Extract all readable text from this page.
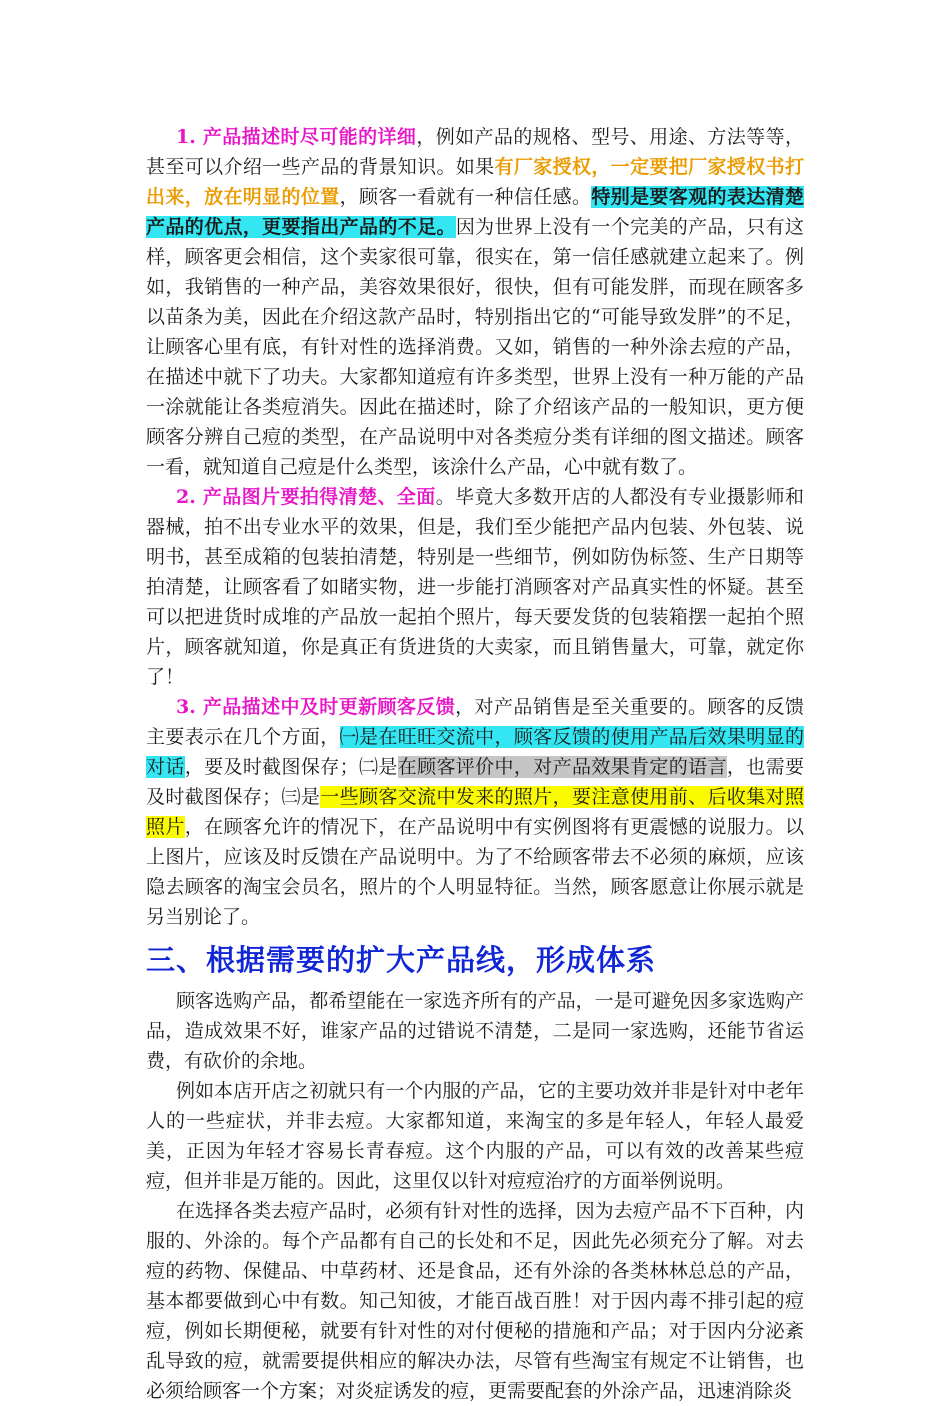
1. 产品描述时尽可能的详细，例如产品的规格、型号、用途、方法等等，甚至可以介绍一些产品的背景知识。如果有厂家授权，一定要把厂家授权书打出来，放在明显的位置，顾客一看就有一种信任感。特别是要客观的表达清楚产品的优点，更要指出产品的不足。因为世界上没有一个完美的产品，只有这样，顾客更会相信，这个卖家很可靠，很实在，第一信任感就建立起来了。例如，我销售的一种产品，美容效果很好，很快，但有可能发胖，而现在顾客多以苗条为美，因此在介绍这款产品时，特别指出它的“可能导致发胖”的不足，让顾客心里有底，有针对性的选择消费。又如，销售的一种外涂去痘的产品，在描述中就下了功夫。大家都知道痘有许多类型，世界上没有一种万能的产品一涂就能让各类痘消失。因此在描述时，除了介绍该产品的一般知识，更方便顾客分辨自己痘的类型，在产品说明中对各类痘分类有详细的图文描述。顾客一看，就知道自己痘是什么类型，该涂什么产品，心中就有数了。

2. 产品图片要拍得清楚、全面。毕竟大多数开店的人都没有专业摄影师和器械，拍不出专业水平的效果，但是，我们至少能把产品内包装、外包装、说明书，甚至成箱的包装拍清楚，特别是一些细节，例如防伪标签、生产日期等拍清楚，让顾客看了如睹实物，进一步能打消顾客对产品真实性的怀疑。甚至可以把进货时成堆的产品放一起拍个照片，每天要发货的包装箱摆一起拍个照片，顾客就知道，你是真正有货进货的大卖家，而且销售量大，可靠，就定你了！

3. 产品描述中及时更新顾客反馈，对产品销售是至关重要的。顾客的反馈主要表示在几个方面，㈠是在旺旺交流中，顾客反馈的使用产品后效果明显的对话，要及时截图保存；㈡是在顾客评价中，对产品效果肯定的语言，也需要及时截图保存；㈢是一些顾客交流中发来的照片，要注意使用前、后收集对照照片，在顾客允许的情况下，在产品说明中有实例图将有更震憾的说服力。以上图片，应该及时反馈在产品说明中。为了不给顾客带去不必须的麻烦，应该隐去顾客的淘宝会员名，照片的个人明显特征。当然，顾客愿意让你展示就是另当别论了。

三、根据需要的扩大产品线，形成体系

顾客选购产品，都希望能在一家选齐所有的产品，一是可避免因多家选购产品，造成效果不好，谁家产品的过错说不清楚，二是同一家选购，还能节省运费，有砍价的余地。

例如本店开店之初就只有一个内服的产品，它的主要功效并非是针对中老年人的一些症状，并非去痘。大家都知道，来淘宝的多是年轻人，年轻人最爱美，正因为年轻才容易长青春痘。这个内服的产品，可以有效的改善某些痘痘，但并非是万能的。因此，这里仅以针对痘痘治疗的方面举例说明。

在选择各类去痘产品时，必须有针对性的选择，因为去痘产品不下百种，内服的、外涂的。每个产品都有自己的长处和不足，因此先必须充分了解。对去痘的药物、保健品、中草药材、还是食品，还有外涂的各类林林总总的产品，基本都要做到心中有数。知己知彼，才能百战百胜！对于因内毒不排引起的痘痘，例如长期便秘，就要有针对性的对付便秘的措施和产品；对于因内分泌紊乱导致的痘，就需要提供相应的解决办法，尽管有些淘宝有规定不让销售，也必须给顾客一个方案；对炎症诱发的痘，更需要配套的外涂产品，迅速消除炎
